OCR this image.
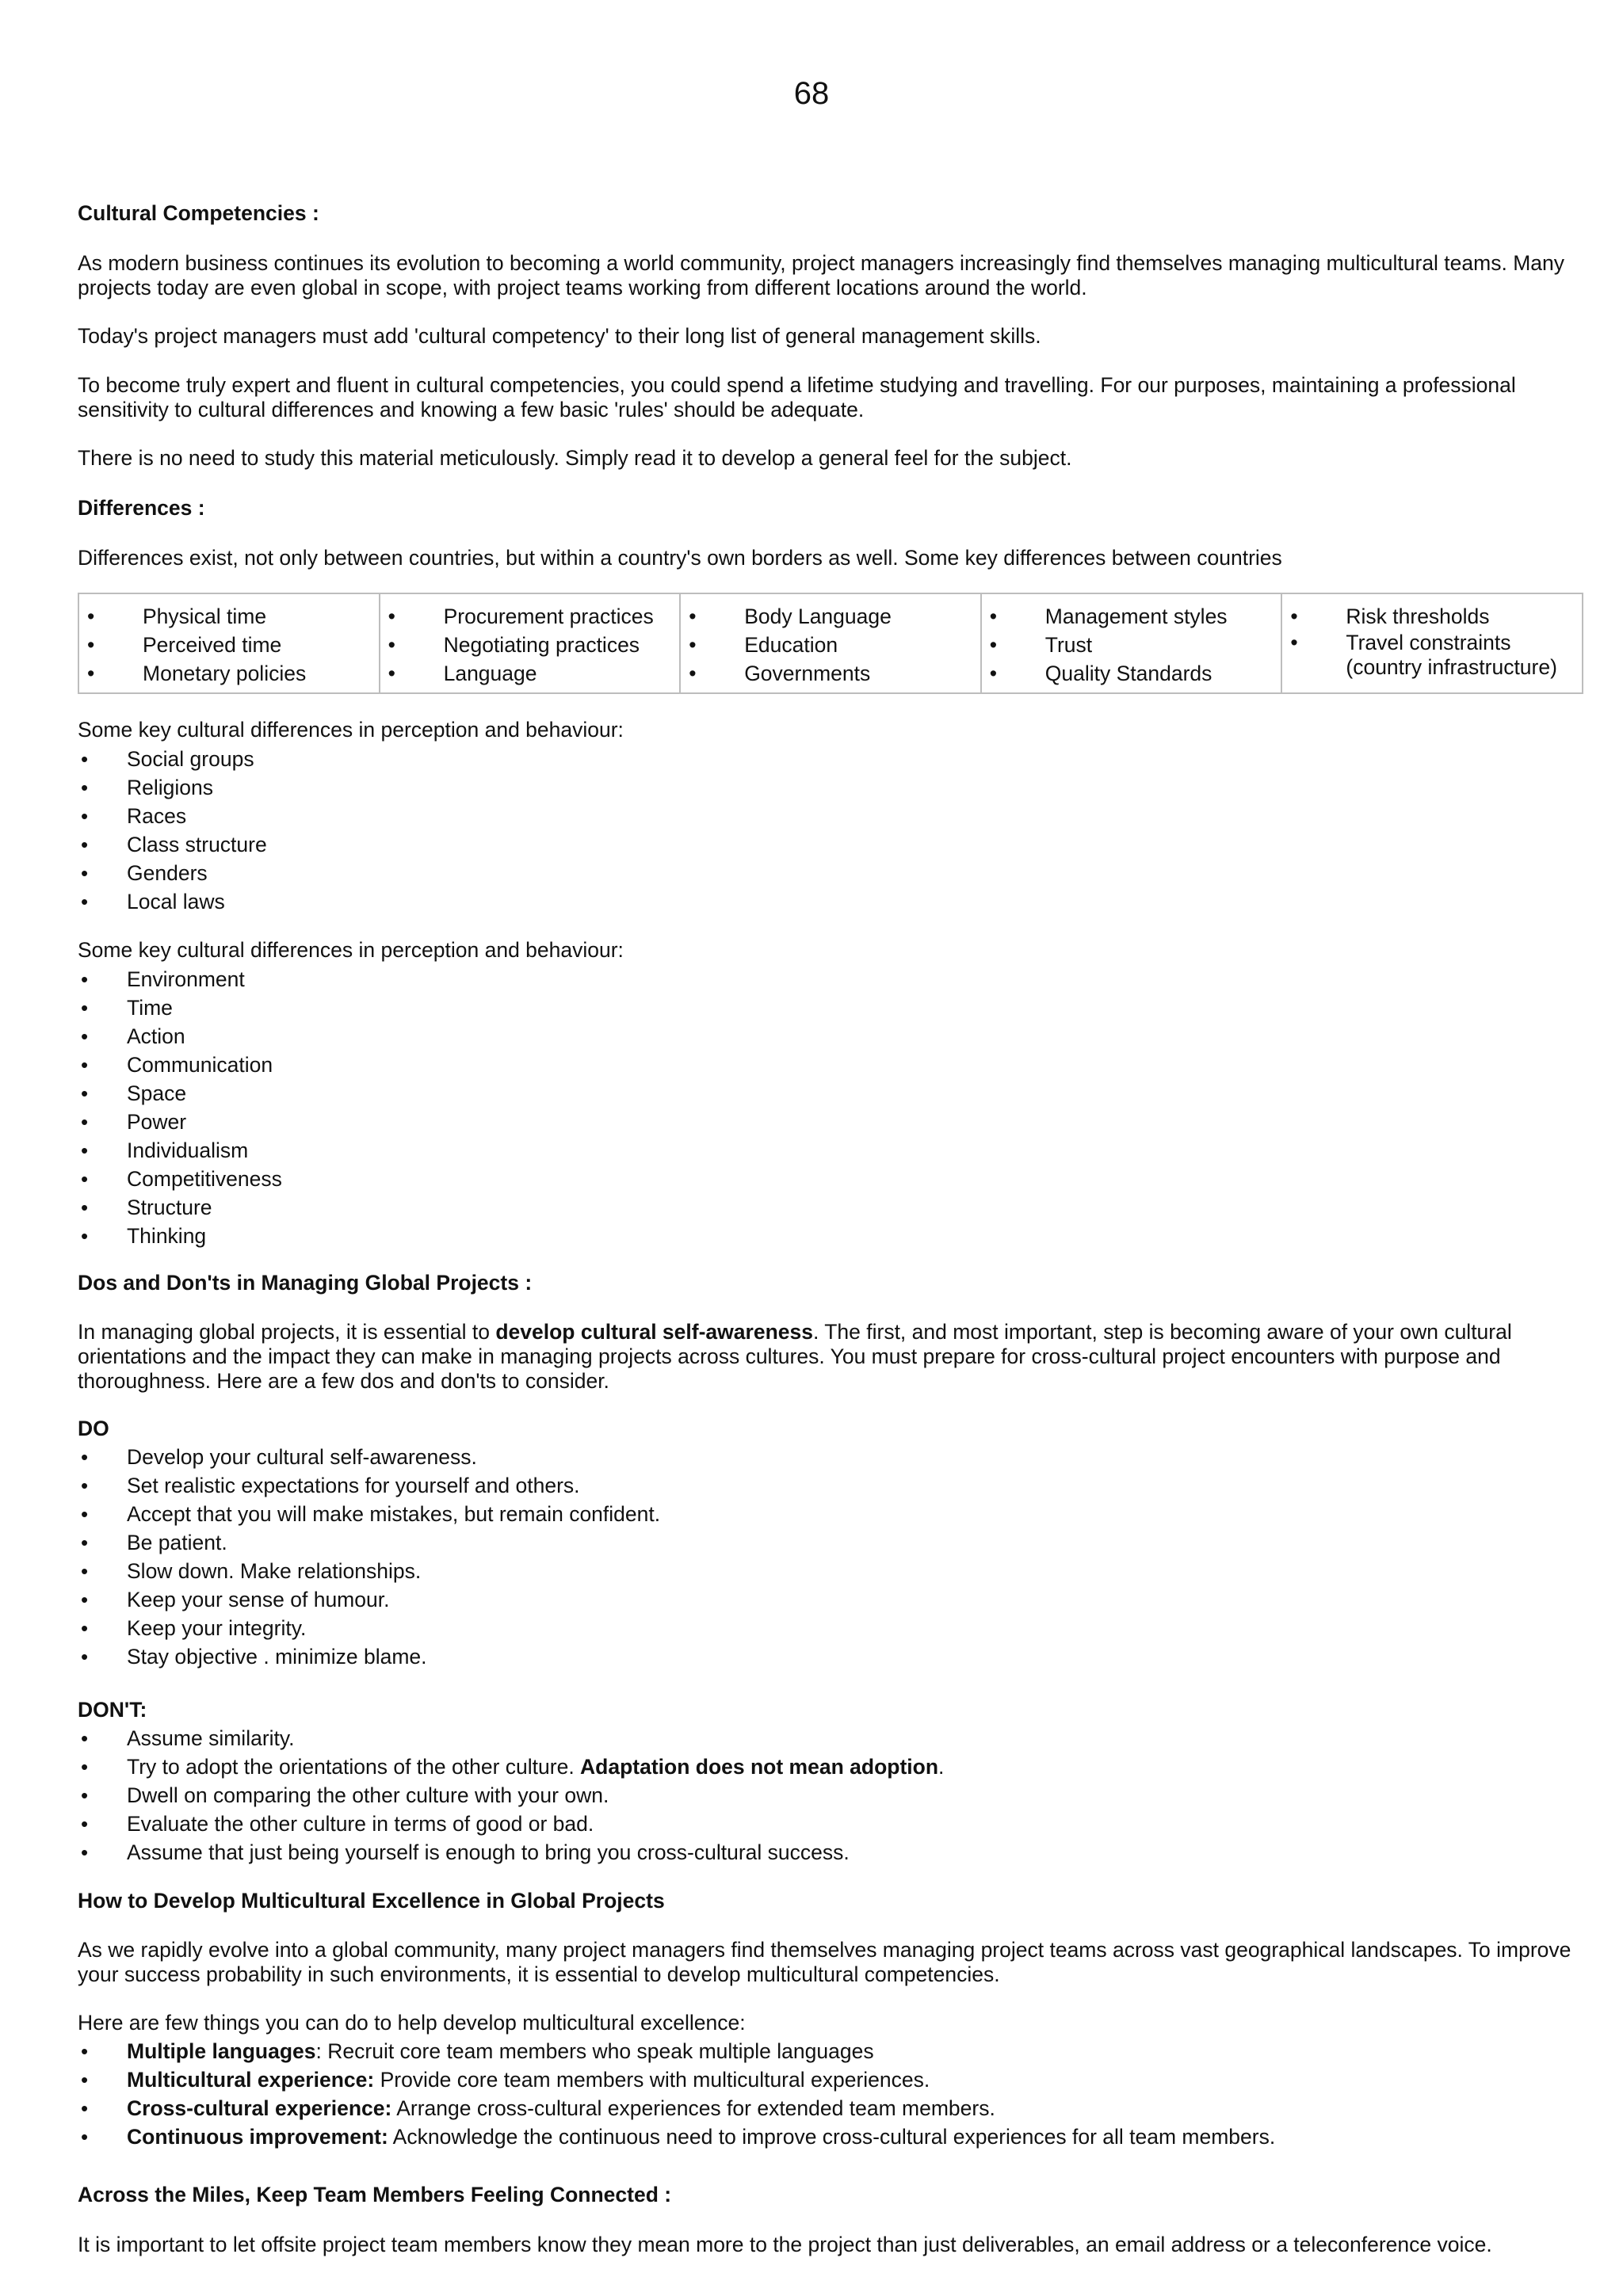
68
Cultural Competencies :
As modern business continues its evolution to becoming a world community, project managers increasingly find themselves managing multicultural teams. Many projects today are even global in scope, with project teams working from different locations around the world.
Today's project managers must add 'cultural competency' to their long list of general management skills.
To become truly expert and fluent in cultural competencies, you could spend a lifetime studying and travelling. For our purposes, maintaining a professional sensitivity to cultural differences and knowing a few basic 'rules' should be adequate.
There is no need to study this material meticulously. Simply read it to develop a general feel for the subject.
Differences :
Differences exist, not only between countries, but within a country's own borders as well. Some key differences between countries
• Physical time
• Perceived time
• Monetary policies

• Procurement practices
• Negotiating practices
• Language

• Body Language
• Education
• Governments

• Management styles
• Trust
• Quality Standards

• Risk thresholds
• Travel constraints (country infrastructure)
Some key cultural differences in perception and behaviour:
• Social groups
• Religions
• Races
• Class structure
• Genders
• Local laws
Some key cultural differences in perception and behaviour:
• Environment
• Time
• Action
• Communication
• Space
• Power
• Individualism
• Competitiveness
• Structure
• Thinking
Dos and Don'ts in Managing Global Projects :
In managing global projects, it is essential to develop cultural self-awareness. The first, and most important, step is becoming aware of your own cultural orientations and the impact they can make in managing projects across cultures. You must prepare for cross-cultural project encounters with purpose and thoroughness. Here are a few dos and don'ts to consider.
DO
• Develop your cultural self-awareness.
• Set realistic expectations for yourself and others.
• Accept that you will make mistakes, but remain confident.
• Be patient.
• Slow down. Make relationships.
• Keep your sense of humour.
• Keep your integrity.
• Stay objective . minimize blame.
DON'T:
• Assume similarity.
• Try to adopt the orientations of the other culture. Adaptation does not mean adoption.
• Dwell on comparing the other culture with your own.
• Evaluate the other culture in terms of good or bad.
• Assume that just being yourself is enough to bring you cross-cultural success.
How to Develop Multicultural Excellence in Global Projects
As we rapidly evolve into a global community, many project managers find themselves managing project teams across vast geographical landscapes. To improve your success probability in such environments, it is essential to develop multicultural competencies.
Here are few things you can do to help develop multicultural excellence:
• Multiple languages: Recruit core team members who speak multiple languages
• Multicultural experience: Provide core team members with multicultural experiences.
• Cross-cultural experience: Arrange cross-cultural experiences for extended team members.
• Continuous improvement: Acknowledge the continuous need to improve cross-cultural experiences for all team members.
Across the Miles, Keep Team Members Feeling Connected :
It is important to let offsite project team members know they mean more to the project than just deliverables, an email address or a teleconference voice.
